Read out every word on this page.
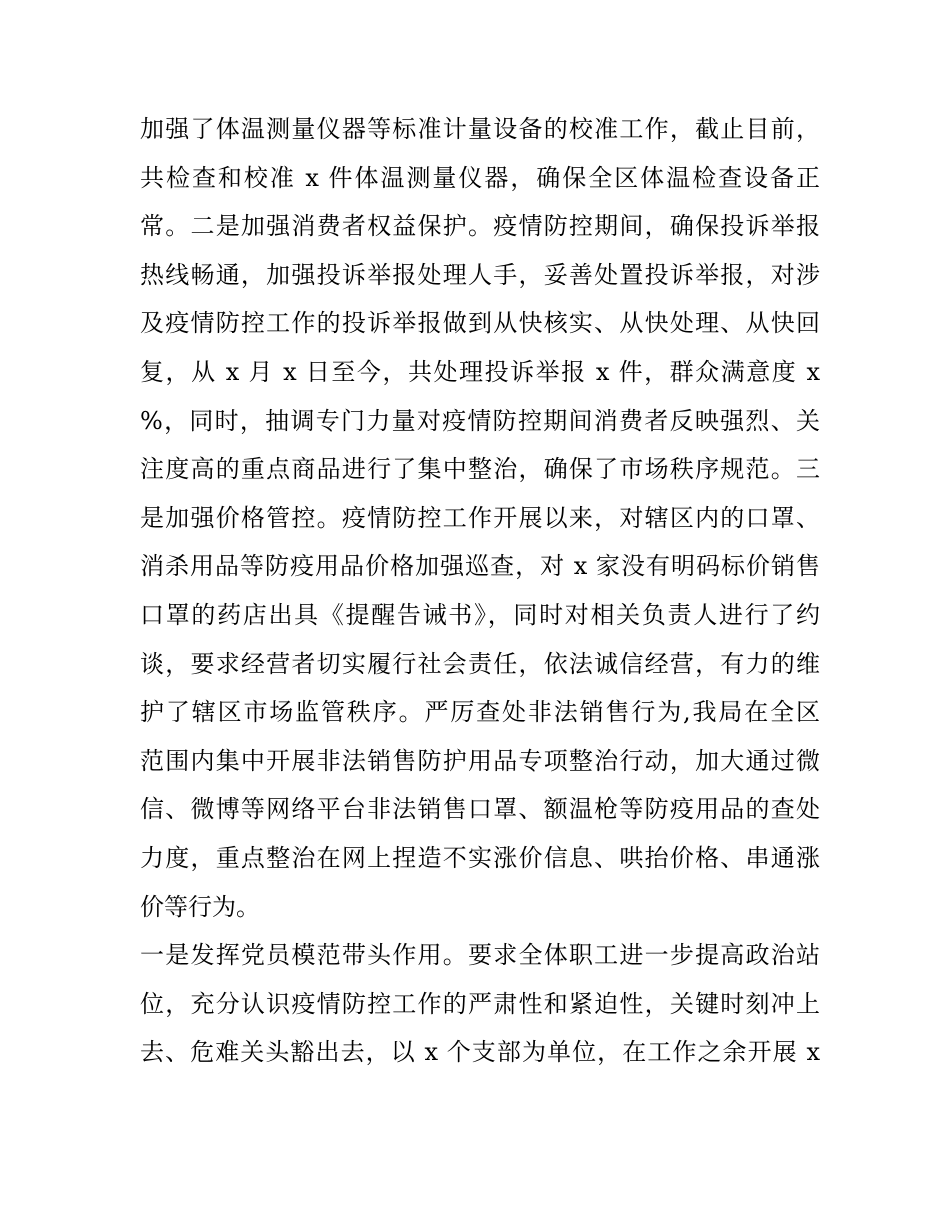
加强了体温测量仪器等标准计量设备的校准工作，截止目前，
共检查和校准 x 件体温测量仪器，确保全区体温检查设备正
常。二是加强消费者权益保护。疫情防控期间，确保投诉举报
热线畅通，加强投诉举报处理人手，妥善处置投诉举报，对涉
及疫情防控工作的投诉举报做到从快核实、从快处理、从快回
复，从 x 月 x 日至今，共处理投诉举报 x 件，群众满意度 x
%，同时，抽调专门力量对疫情防控期间消费者反映强烈、关
注度高的重点商品进行了集中整治，确保了市场秩序规范。三
是加强价格管控。疫情防控工作开展以来，对辖区内的口罩、
消杀用品等防疫用品价格加强巡查，对 x 家没有明码标价销售
口罩的药店出具《提醒告诫书》，同时对相关负责人进行了约
谈，要求经营者切实履行社会责任，依法诚信经营，有力的维
护了辖区市场监管秩序。严厉查处非法销售行为,我局在全区
范围内集中开展非法销售防护用品专项整治行动，加大通过微
信、微博等网络平台非法销售口罩、额温枪等防疫用品的查处
力度，重点整治在网上捏造不实涨价信息、哄抬价格、串通涨
价等行为。
一是发挥党员模范带头作用。要求全体职工进一步提高政治站
位，充分认识疫情防控工作的严肃性和紧迫性，关键时刻冲上
去、危难关头豁出去，以 x 个支部为单位，在工作之余开展 x
